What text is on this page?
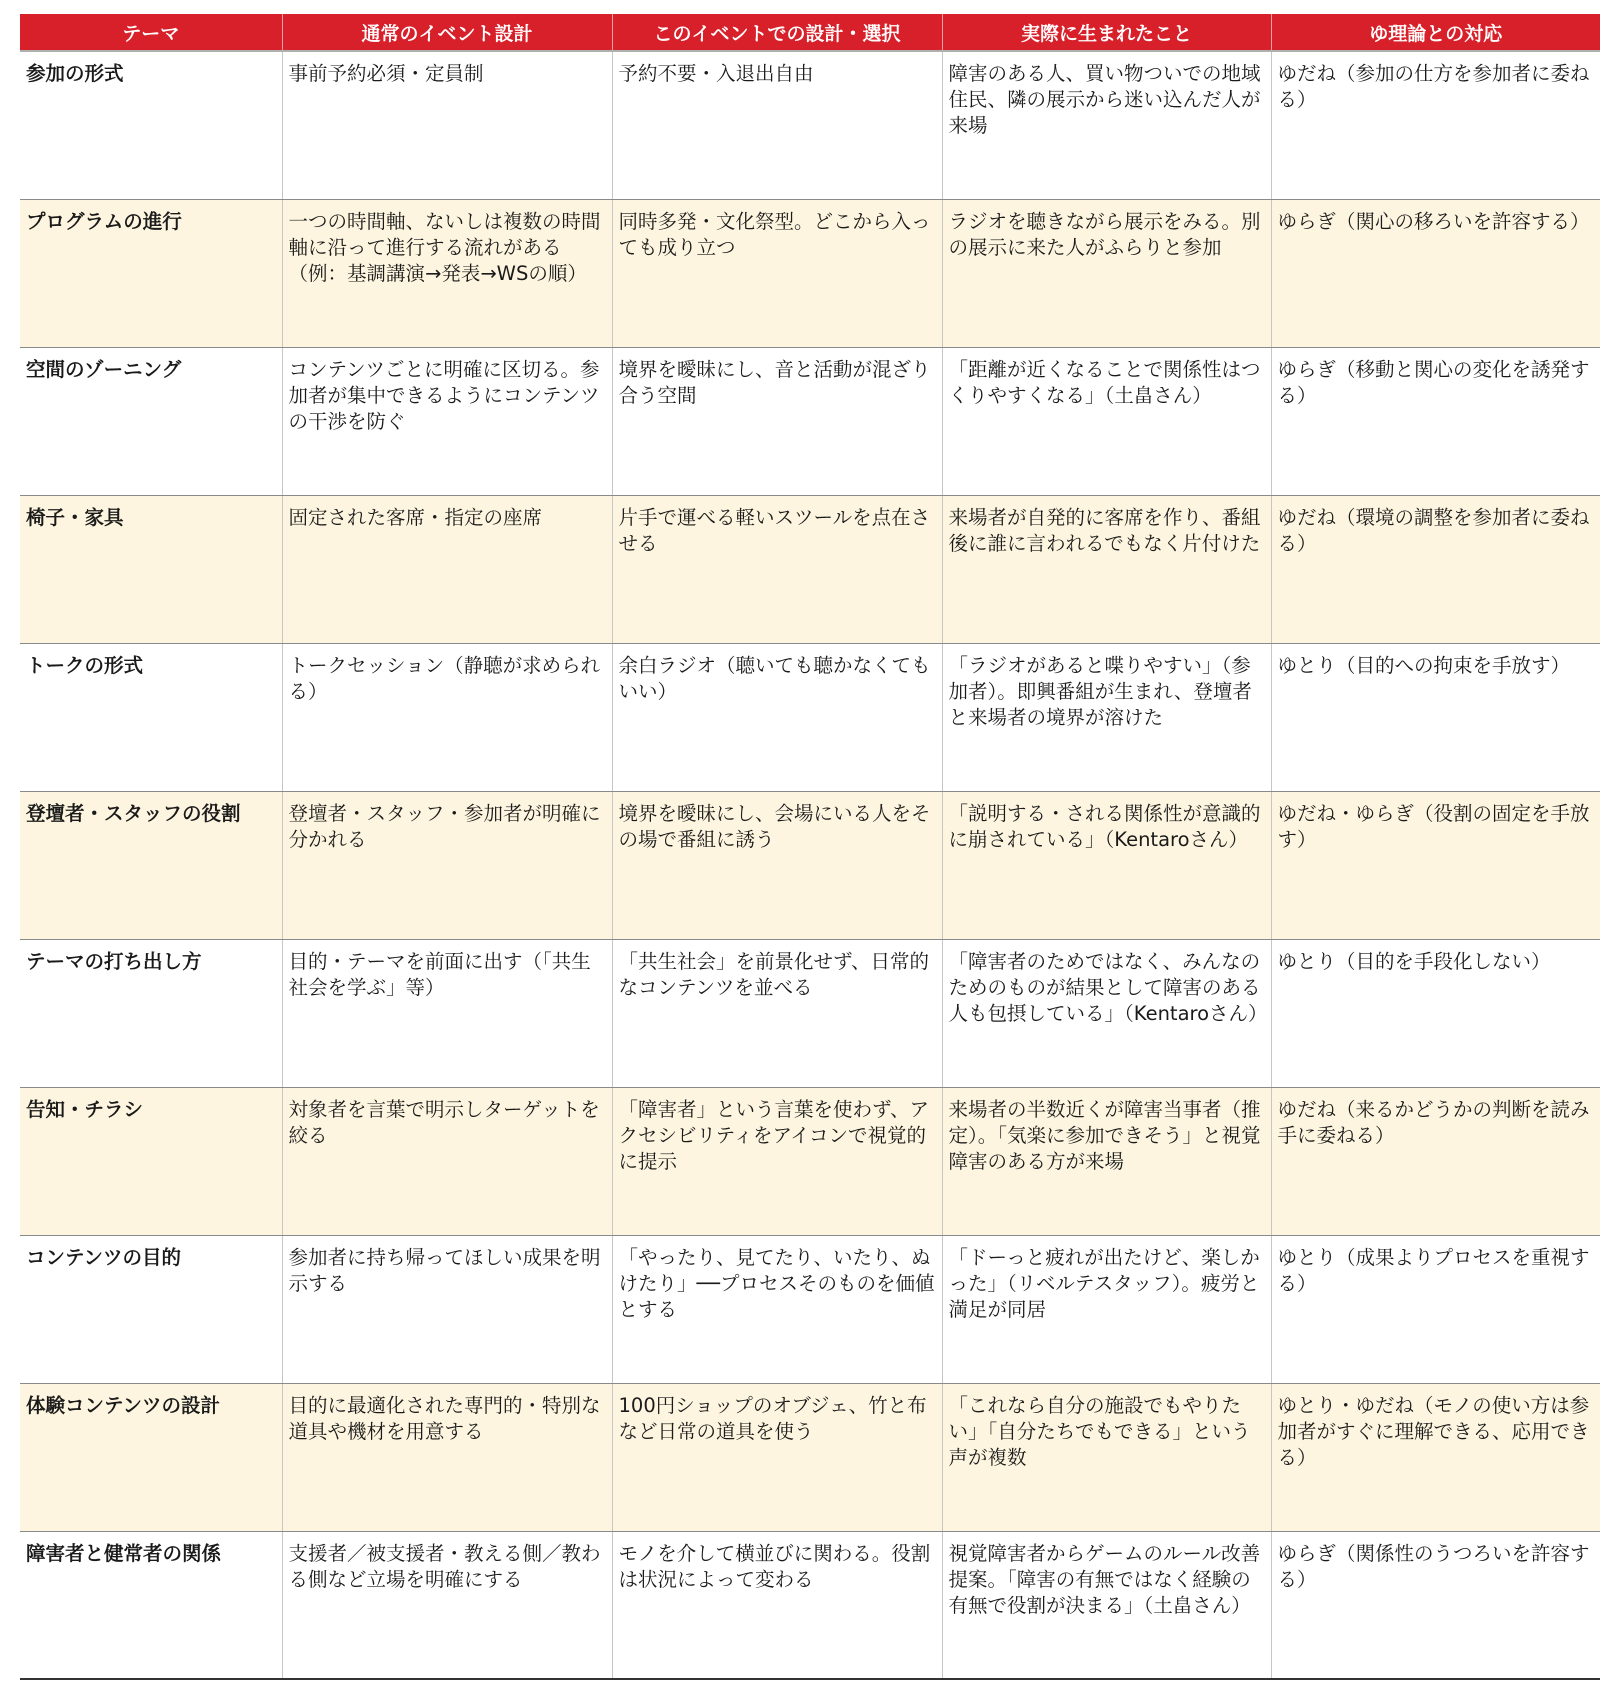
テーマ	通常のイベント設計	このイベントでの設計・選択	実際に生まれたこと	ゆ理論との対応
参加の形式	事前予約必須・定員制	予約不要・入退出自由	障害のある人、買い物ついでの地域住民、隣の展示から迷い込んだ人が来場	ゆだね（参加の仕方を参加者に委ねる）
プログラムの進行	一つの時間軸、ないしは複数の時間軸に沿って進行する流れがある（例：基調講演→発表→WSの順）	同時多発・文化祭型。どこから入っても成り立つ	ラジオを聴きながら展示をみる。別の展示に来た人がふらりと参加	ゆらぎ（関心の移ろいを許容する）
空間のゾーニング	コンテンツごとに明確に区切る。参加者が集中できるようにコンテンツの干渉を防ぐ	境界を曖昧にし、音と活動が混ざり合う空間	「距離が近くなることで関係性はつくりやすくなる」（土畠さん）	ゆらぎ（移動と関心の変化を誘発する）
椅子・家具	固定された客席・指定の座席	片手で運べる軽いスツールを点在させる	来場者が自発的に客席を作り、番組後に誰に言われるでもなく片付けた	ゆだね（環境の調整を参加者に委ねる）
トークの形式	トークセッション（静聴が求められる）	余白ラジオ（聴いても聴かなくてもいい）	「ラジオがあると喋りやすい」（参加者）。即興番組が生まれ、登壇者と来場者の境界が溶けた	ゆとり（目的への拘束を手放す）
登壇者・スタッフの役割	登壇者・スタッフ・参加者が明確に分かれる	境界を曖昧にし、会場にいる人をその場で番組に誘う	「説明する・される関係性が意識的に崩されている」（Kentaroさん）	ゆだね・ゆらぎ（役割の固定を手放す）
テーマの打ち出し方	目的・テーマを前面に出す（「共生社会を学ぶ」等）	「共生社会」を前景化せず、日常的なコンテンツを並べる	「障害者のためではなく、みんなのためのものが結果として障害のある人も包摂している」（Kentaroさん）	ゆとり（目的を手段化しない）
告知・チラシ	対象者を言葉で明示しターゲットを絞る	「障害者」という言葉を使わず、アクセシビリティをアイコンで視覚的に提示	来場者の半数近くが障害当事者（推定）。「気楽に参加できそう」と視覚障害のある方が来場	ゆだね（来るかどうかの判断を読み手に委ねる）
コンテンツの目的	参加者に持ち帰ってほしい成果を明示する	「やったり、見てたり、いたり、ぬけたり」──プロセスそのものを価値とする	「ドーっと疲れが出たけど、楽しかった」（リベルテスタッフ）。疲労と満足が同居	ゆとり（成果よりプロセスを重視する）
体験コンテンツの設計	目的に最適化された専門的・特別な道具や機材を用意する	100円ショップのオブジェ、竹と布など日常の道具を使う	「これなら自分の施設でもやりたい」「自分たちでもできる」という声が複数	ゆとり・ゆだね（モノの使い方は参加者がすぐに理解できる、応用できる）
障害者と健常者の関係	支援者／被支援者・教える側／教わる側など立場を明確にする	モノを介して横並びに関わる。役割は状況によって変わる	視覚障害者からゲームのルール改善提案。「障害の有無ではなく経験の有無で役割が決まる」（土畠さん）	ゆらぎ（関係性のうつろいを許容する）
